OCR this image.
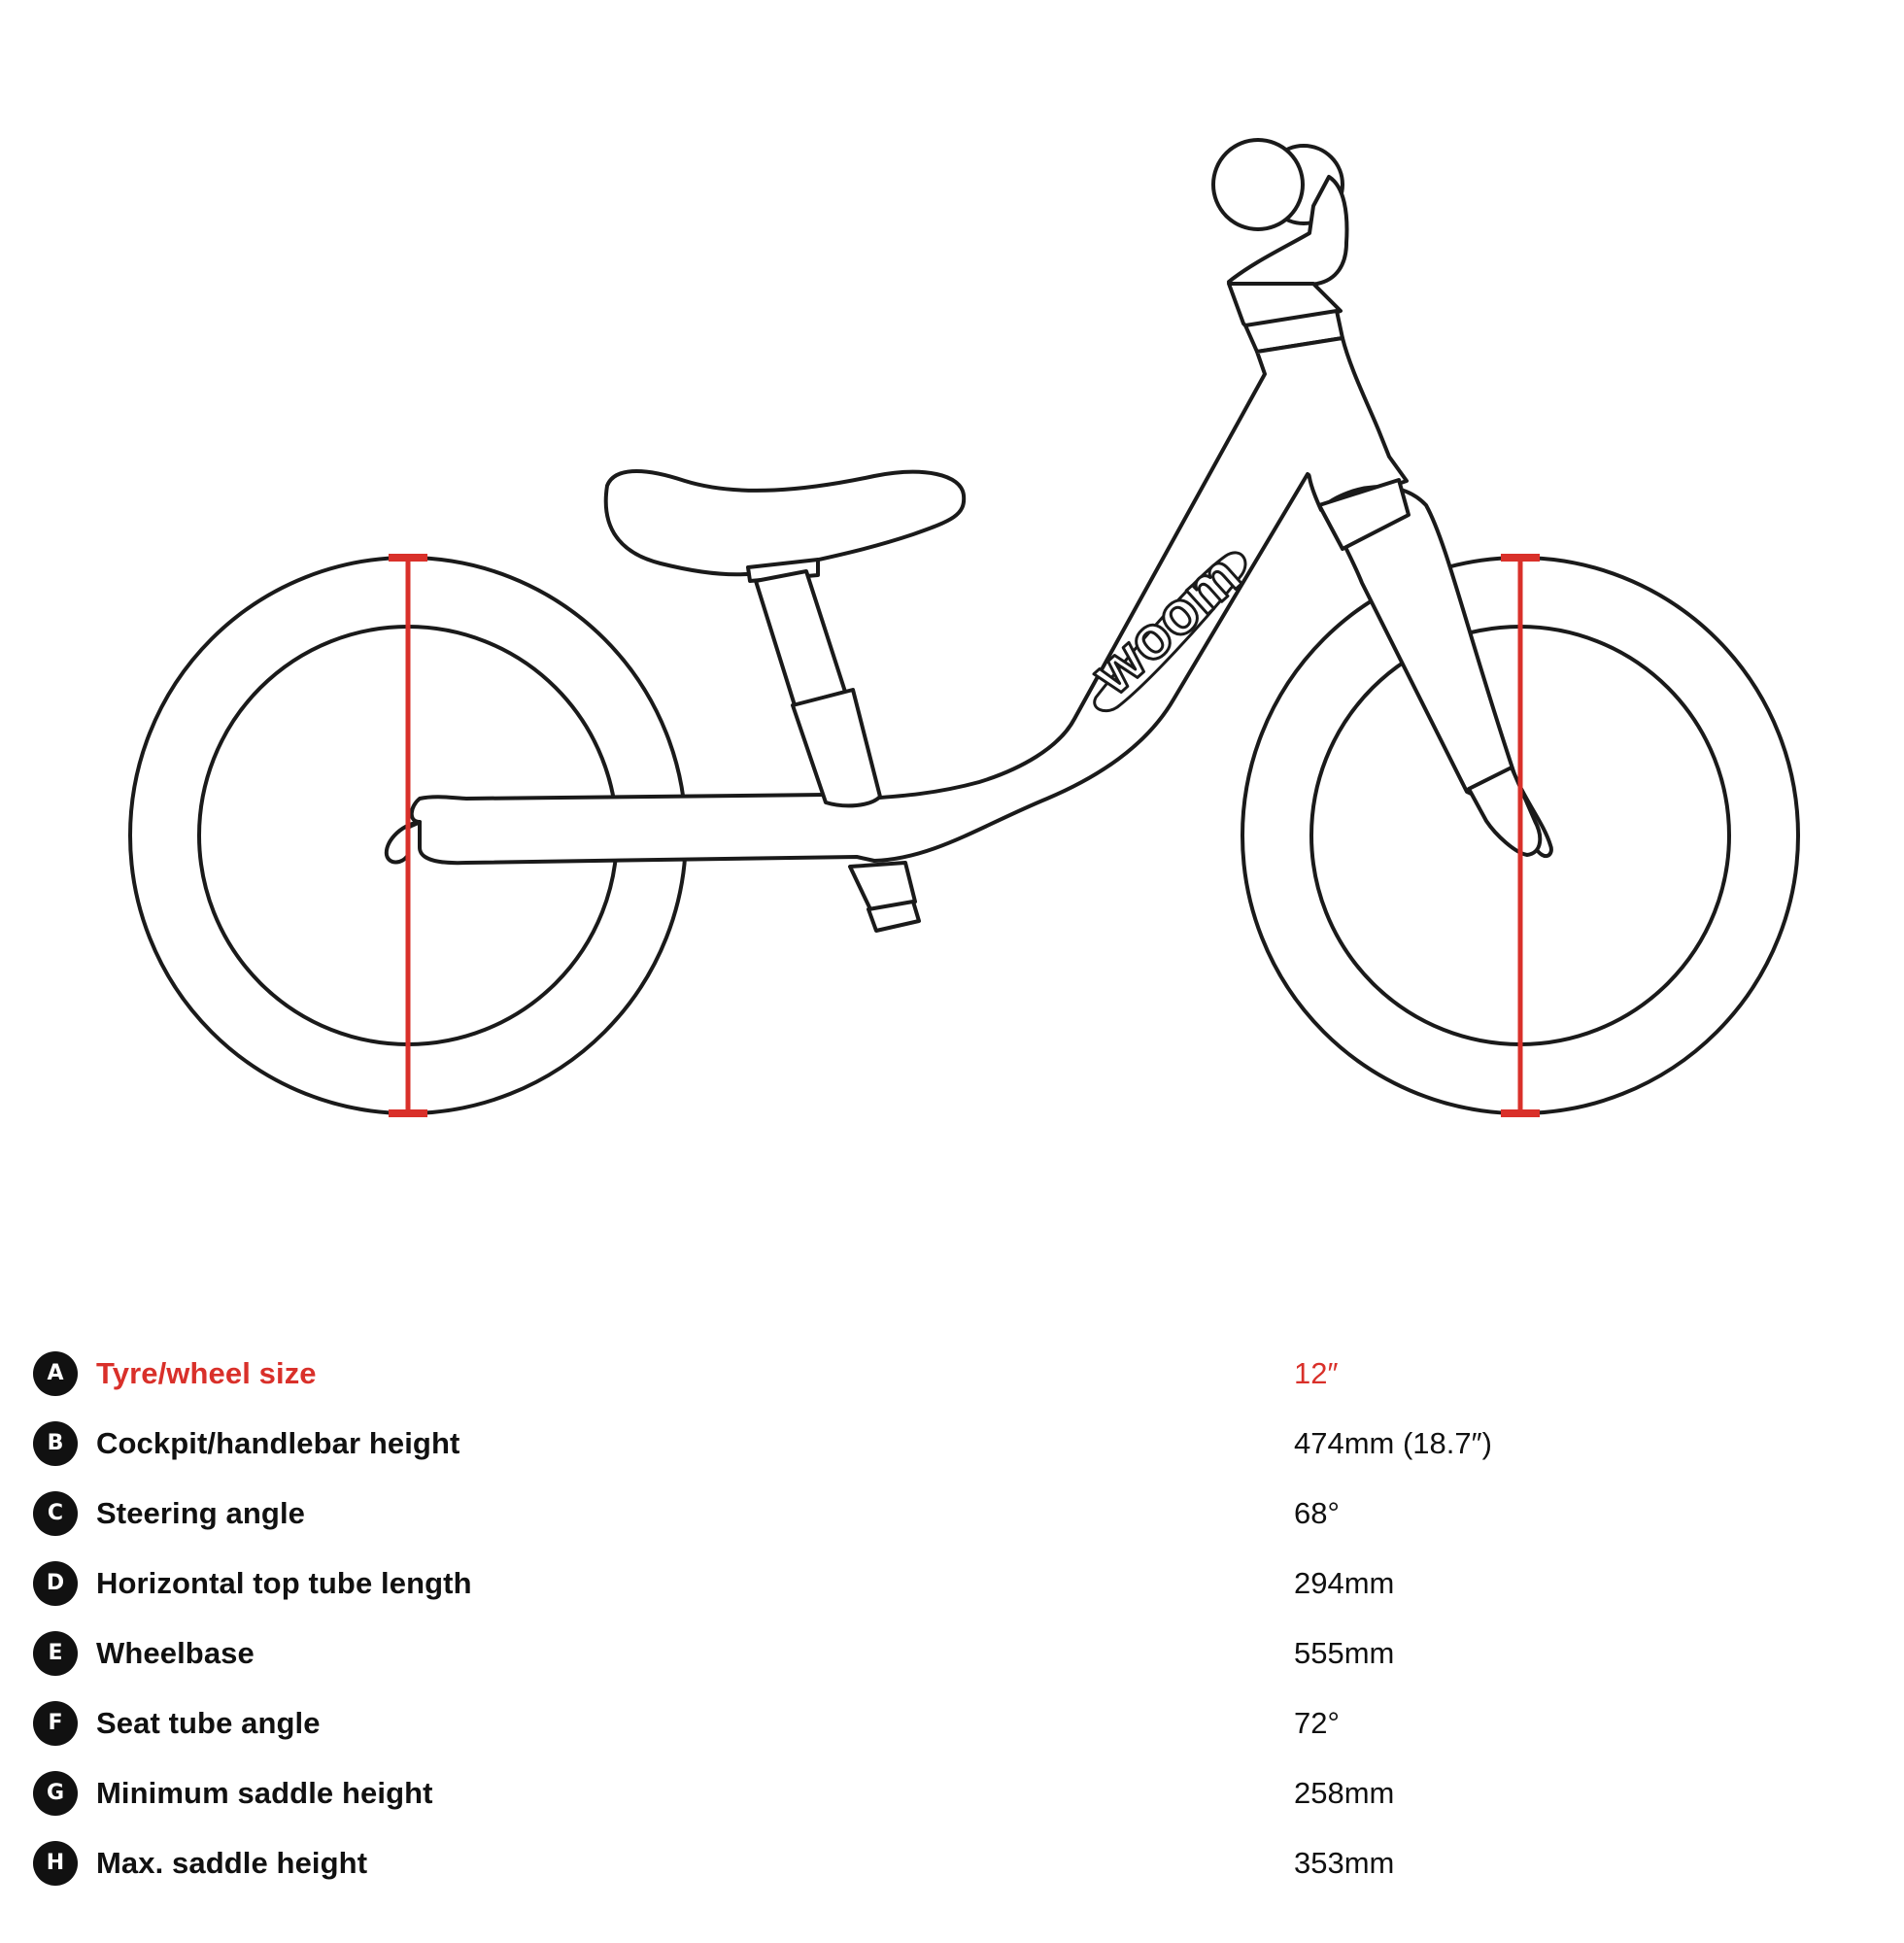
woom
A	Tyre/wheel size	12″
B	Cockpit/handlebar height	474mm (18.7″)
C	Steering angle	68°
D	Horizontal top tube length	294mm
E	Wheelbase	555mm
F	Seat tube angle	72°
G	Minimum saddle height	258mm
H	Max. saddle height	353mm
